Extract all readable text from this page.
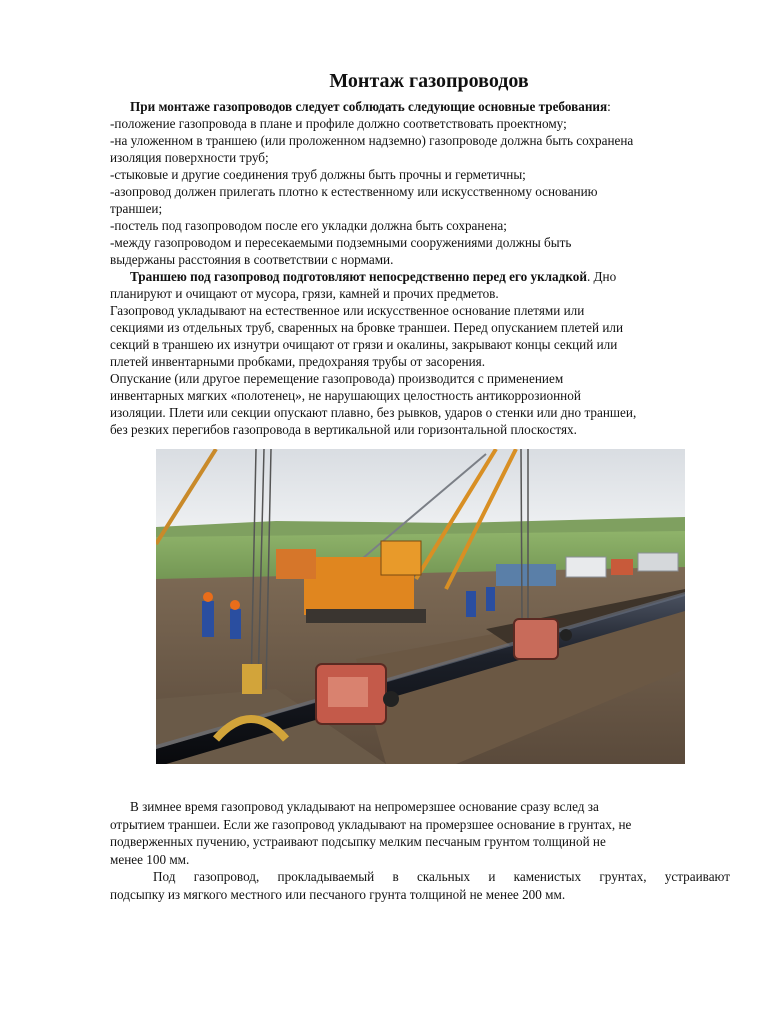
Монтаж газопроводов
При монтаже газопроводов следует соблюдать следующие основные требования:
-положение газопровода в плане и профиле должно соответствовать проектному;
-на уложенном в траншею (или проложенном надземно) газопроводе должна быть сохранена
изоляция поверхности труб;
-стыковые и другие соединения труб должны быть прочны и герметичны;
-азопровод должен прилегать плотно к естественному или искусственному основанию
траншеи;
-постель под газопроводом после его укладки должна быть сохранена;
-между газопроводом и пересекаемыми подземными сооружениями должны быть
выдержаны расстояния в соответствии с нормами.
Траншею под газопровод подготовляют непосредственно перед его укладкой. Дно
планируют и очищают от мусора, грязи, камней и прочих предметов.
Газопровод укладывают на естественное или искусственное основание плетями или
секциями из отдельных труб, сваренных на бровке траншеи. Перед опусканием плетей или
секций в траншею их изнутри очищают от грязи и окалины, закрывают концы секций или
плетей инвентарными пробками, предохраняя трубы от засорения.
Опускание (или другое перемещение газопровода) производится с применением
инвентарных мягких «полотенец», не нарушающих целостность антикоррозионной
изоляции. Плети или секции опускают плавно, без рывков, ударов о стенки или дно траншеи,
без резких перегибов газопровода в вертикальной или горизонтальной плоскостях.
В зимнее время газопровод укладывают на непромерзшее основание сразу вслед за
отрытием траншеи. Если же газопровод укладывают на промерзшее основание в грунтах, не
подверженных пучению, устраивают подсыпку мелким песчаным грунтом толщиной не
менее 100 мм.
Под газопровод, прокладываемый в скальных и каменистых грунтах, устраивают
подсыпку из мягкого местного или песчаного грунта толщиной не менее 200 мм.
